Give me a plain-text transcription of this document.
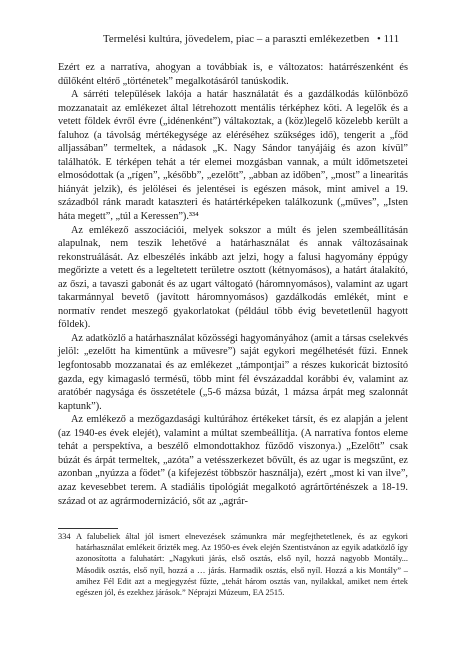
Termelési kultúra, jövedelem, piac – a paraszti emlékezetben • 111

Ezért ez a narratíva, ahogyan a továbbiak is, e változatos: határrészenként és dűlőként eltérő „történetek” megalkotásáról tanúskodik.

A sárréti települések lakója a határ használatát és a gazdálkodás különböző mozzanatait az emlékezet által létrehozott mentális térképhez köti. A legelők és a vetett földek évről évre („idénenként”) váltakoztak, a (köz)legelő közelebb került a faluhoz (a távolság mértékegysége az eléréséhez szükséges idő), tengerit a „föd alljassában” termeltek, a nádasok „K. Nagy Sándor tanyájáig és azon kívül” találhatók. E térképen tehát a tér elemei mozgásban vannak, a múlt időmetszetei elmosódottak (a „rígen”, „később”, „ezelőtt”, „abban az időben”, „most” a linearitás hiányát jelzik), és jelölései és jelentései is egészen mások, mint amivel a 19. századból ránk maradt kataszteri és határtérképeken találkozunk („műves”, „Isten háta megett”, „túl a Keressen”).³³⁴

Az emlékező asszociációi, melyek sokszor a múlt és jelen szembeállításán alapulnak, nem teszik lehetővé a határhasználat és annak változásainak rekonstruálását. Az elbeszélés inkább azt jelzi, hogy a falusi hagyomány éppúgy megőrizte a vetett és a legeltetett területre osztott (kétnyomásos), a határt átalakító, az őszi, a tavaszi gabonát és az ugart váltogató (háromnyomásos), valamint az ugart takarmánnyal bevető (javított háromnyomásos) gazdálkodás emlékét, mint e normatív rendet meszegő gyakorlatokat (például több évig bevetetlenül hagyott földek).

Az adatközlő a határhasználat közösségi hagyományához (amit a társas cselekvés jelöl: „ezelőtt ha kimentünk a művesre”) saját egykori megélhetését fűzi. Ennek legfontosabb mozzanatai és az emlékezet „támpontjai” a részes kukoricát biztosító gazda, egy kimagasló termésű, több mint fél évszázaddal korábbi év, valamint az aratóbér nagysága és összetétele („5-6 mázsa búzát, 1 mázsa árpát meg szalonnát kaptunk”).

Az emlékező a mezőgazdasági kultúrához értékeket társít, és ez alapján a jelent (az 1940-es évek elejét), valamint a múltat szembeállítja. (A narratíva fontos eleme tehát a perspektíva, a beszélő elmondottakhoz fűződő viszonya.) „Ezelőtt” csak búzát és árpát termeltek, „azóta” a vetésszerkezet bővült, és az ugar is megszűnt, ez azonban „nyúzza a födet” (a kifejezést többször használja), ezért „most ki van ilve”, azaz kevesebbet terem. A stadiális tipológiát megalkotó agrártörténészek a 18-19. század ot az agrármodernizáció, sőt az „agrár-

334 A falubeliek által jól ismert elnevezések számunkra már megfejthetetlenek, és az egykori határhasználat emlékeit őrizték meg. Az 1950-es évek elején Szentistvánon az egyik adatközlő így azonosította a faluhatárt: „Nagykuti járás, első osztás, első nyíl, hozzá nagyobb Montály... Második osztás, első nyíl, hozzá a … járás. Harmadik osztás, első nyíl. Hozzá a kis Montály” – amihez Fél Edit azt a megjegyzést fűzte, „tehát három osztás van, nyilakkal, amiket nem értek egészen jól, és ezekhez járások.” Néprajzi Múzeum, EA 2515.
